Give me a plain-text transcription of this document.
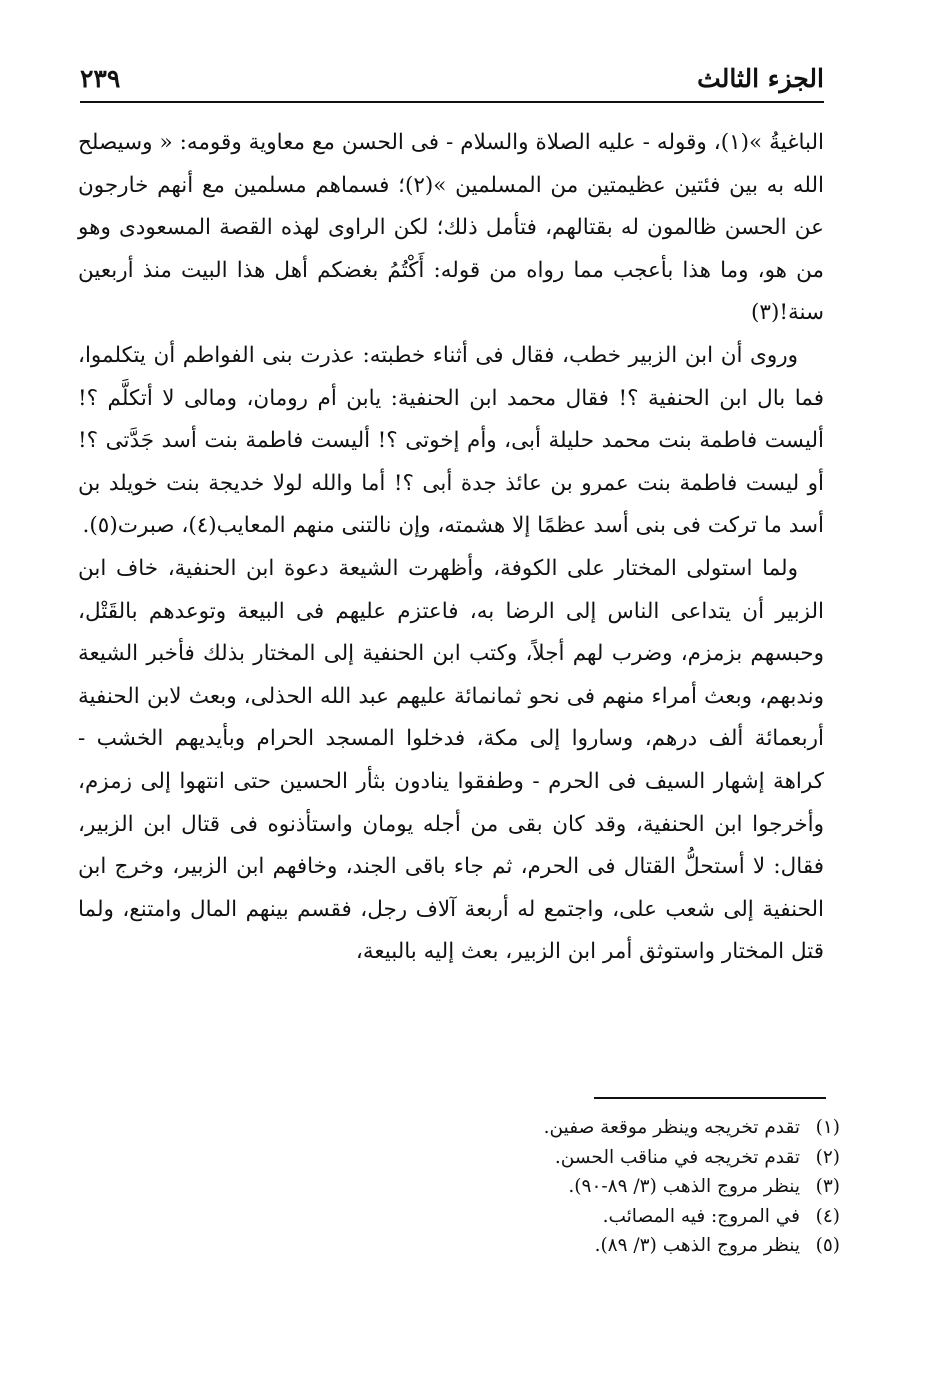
الجزء الثالث
٢٣٩

الباغيةُ »(١)، وقوله - عليه الصلاة والسلام - فى الحسن مع معاوية وقومه: « وسيصلح الله به بين فئتين عظيمتين من المسلمين »(٢)؛ فسماهم مسلمين مع أنهم خارجون عن الحسن ظالمون له بقتالهم، فتأمل ذلك؛ لكن الراوى لهذه القصة المسعودى وهو من هو، وما هذا بأعجب مما رواه من قوله: أَكْتُمُ بغضكم أهل هذا البيت منذ أربعين سنة!(٣)

وروى أن ابن الزبير خطب، فقال فى أثناء خطبته: عذرت بنى الفواطم أن يتكلموا، فما بال ابن الحنفية ؟! فقال محمد ابن الحنفية: يابن أم رومان، ومالى لا أتكلَّم ؟! أليست فاطمة بنت محمد حليلة أبى، وأم إخوتى ؟! أليست فاطمة بنت أسد جَدَّتى ؟! أو ليست فاطمة بنت عمرو بن عائذ جدة أبى ؟! أما والله لولا خديجة بنت خويلد بن أسد ما تركت فى بنى أسد عظمًا إلا هشمته، وإن نالتنى منهم المعايب(٤)، صبرت(٥).

ولما استولى المختار على الكوفة، وأظهرت الشيعة دعوة ابن الحنفية، خاف ابن الزبير أن يتداعى الناس إلى الرضا به، فاعتزم عليهم فى البيعة وتوعدهم بالقَتْل، وحبسهم بزمزم، وضرب لهم أجلاً، وكتب ابن الحنفية إلى المختار بذلك فأخبر الشيعة وندبهم، وبعث أمراء منهم فى نحو ثمانمائة عليهم عبد الله الحذلى، وبعث لابن الحنفية أربعمائة ألف درهم، وساروا إلى مكة، فدخلوا المسجد الحرام وبأيديهم الخشب - كراهة إشهار السيف فى الحرم - وطفقوا ينادون بثأر الحسين حتى انتهوا إلى زمزم، وأخرجوا ابن الحنفية، وقد كان بقى من أجله يومان واستأذنوه فى قتال ابن الزبير، فقال: لا أستحلُّ القتال فى الحرم، ثم جاء باقى الجند، وخافهم ابن الزبير، وخرج ابن الحنفية إلى شعب على، واجتمع له أربعة آلاف رجل، فقسم بينهم المال وامتنع، ولما قتل المختار واستوثق أمر ابن الزبير، بعث إليه بالبيعة،

(١)تقدم تخريجه وينظر موقعة صفين.
(٢)تقدم تخريجه في مناقب الحسن.
(٣)ينظر مروج الذهب (٣/ ٨٩-٩٠).
(٤)في المروج: فيه المصائب.
(٥)ينظر مروج الذهب (٣/ ٨٩).
